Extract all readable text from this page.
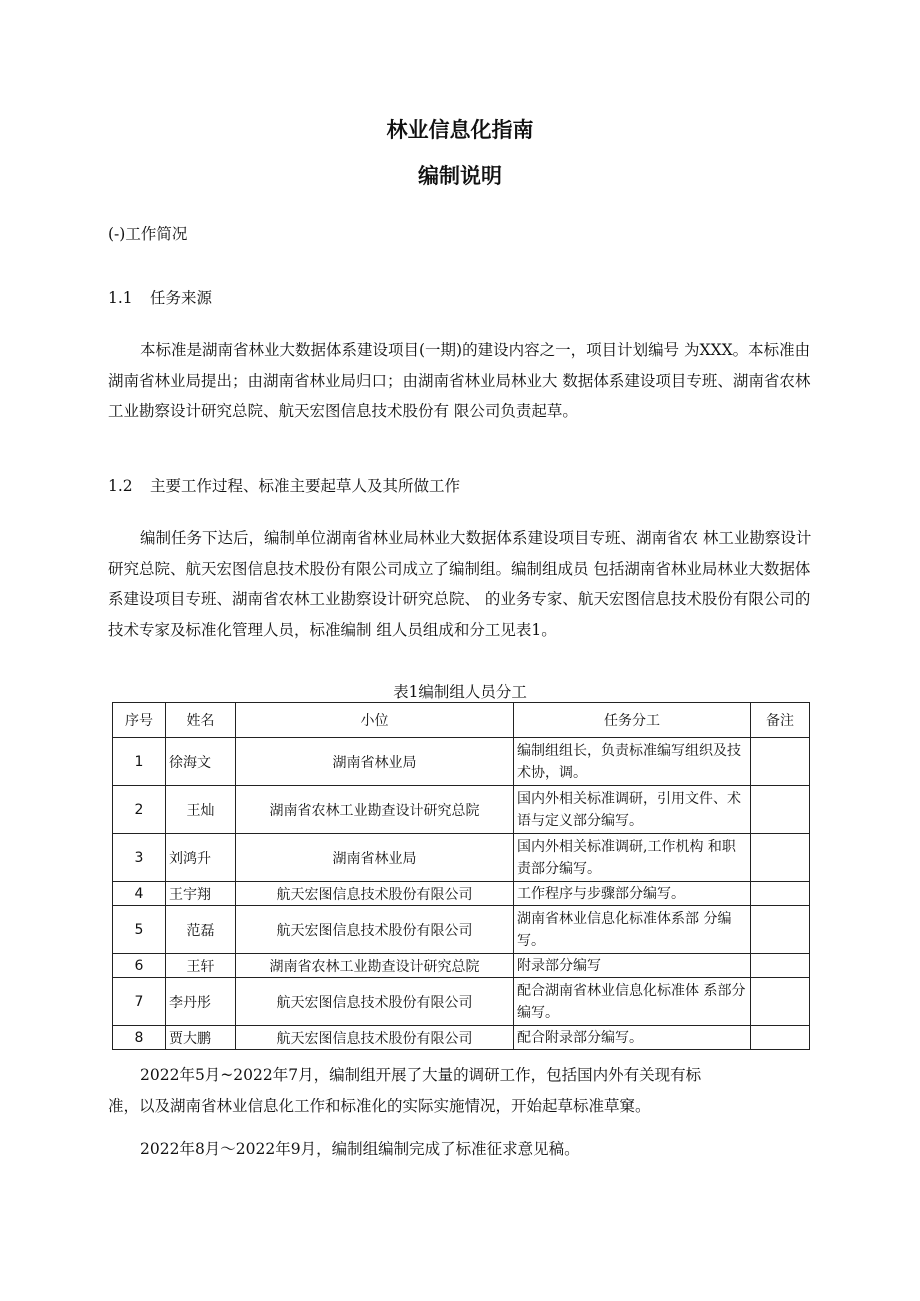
林业信息化指南
编制说明
(-)工作简况
1.1 任务来源
本标准是湖南省林业大数据体系建设项目(一期)的建设内容之一，项目计划编号 为XXX。本标准由湖南省林业局提出；由湖南省林业局归口；由湖南省林业局林业大 数据体系建设项目专班、湖南省农林工业勘察设计研究总院、航天宏图信息技术股份有 限公司负责起草。
1.2 主要工作过程、标准主要起草人及其所做工作
编制任务下达后，编制单位湖南省林业局林业大数据体系建设项目专班、湖南省农 林工业勘察设计研究总院、航天宏图信息技术股份有限公司成立了编制组。编制组成员 包括湖南省林业局林业大数据体系建设项目专班、湖南省农林工业勘察设计研究总院、 的业务专家、航天宏图信息技术股份有限公司的技术专家及标准化管理人员，标准编制 组人员组成和分工见表1。
表1编制组人员分工
序号	姓名	小位	任务分工	备注
1	徐海文	湖南省林业局	编制组组长，负责标准编写组织及技术协，调。	
2	王灿	湖南省农林工业勘查设计研究总院	国内外相关标准调研，引用文件、术语与定义部分编写。	
3	刘鸿升	湖南省林业局	国内外相关标准调研,工作机构 和职责部分编写。	
4	王宇翔	航天宏图信息技术股份有限公司	工作程序与步骤部分编写。	
5	范磊	航天宏图信息技术股份有限公司	湖南省林业信息化标准体系部 分编写。	
6	王轩	湖南省农林工业勘查设计研究总院	附录部分编写	
7	李丹彤	航天宏图信息技术股份有限公司	配合湖南省林业信息化标准体 系部分编写。	
8	贾大鹏	航天宏图信息技术股份有限公司	配合附录部分编写。	
2022年5月~2022年7月，编制组开展了大量的调研工作，包括国内外有关现有标准，以及湖南省林业信息化工作和标准化的实际实施情况，开始起草标准草窠。
2022年8月～2022年9月，编制组编制完成了标准征求意见稿。
